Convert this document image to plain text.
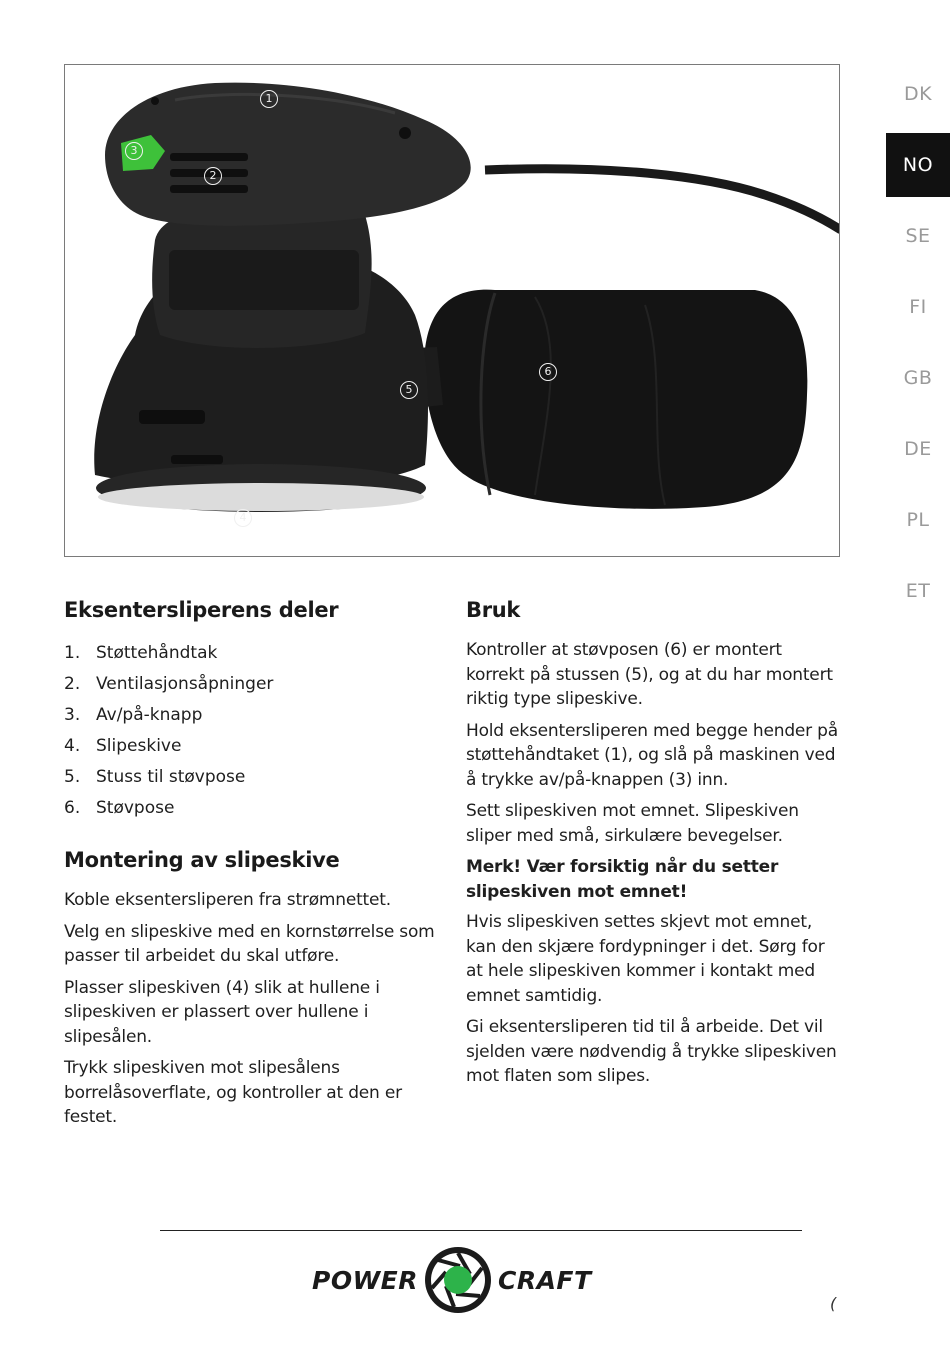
DK
NO
SE
FI
GB
DE
PL
ET
1
2
3
4
5
6
Eksentersliperens deler
1. Støttehåndtak
2. Ventilasjonsåpninger
3. Av/på-knapp
4. Slipeskive
5. Stuss til støvpose
6. Støvpose
Montering av slipeskive

Koble eksentersliperen fra strømnettet.

Velg en slipeskive med en kornstørrelse som passer til arbeidet du skal utføre.

Plasser slipeskiven (4) slik at hullene i slipeskiven er plassert over hullene i slipesålen.

Trykk slipeskiven mot slipesålens borrelåsoverflate, og kontroller at den er festet.

Bruk

Kontroller at støvposen (6) er montert korrekt på stussen (5), og at du har montert riktig type slipeskive.

Hold eksentersliperen med begge hender på støttehåndtaket (1), og slå på maskinen ved å trykke av/på-knappen (3) inn.

Sett slipeskiven mot emnet. Slipeskiven sliper med små, sirkulære bevegelser.

Merk! Vær forsiktig når du setter slipeskiven mot emnet!

Hvis slipeskiven settes skjevt mot emnet, kan den skjære fordypninger i det. Sørg for at hele slipeskiven kommer i kontakt med emnet samtidig.

Gi eksentersliperen tid til å arbeide. Det vil sjelden være nødvendig å trykke slipeskiven mot flaten som slipes.

POWER	CRAFT
(
